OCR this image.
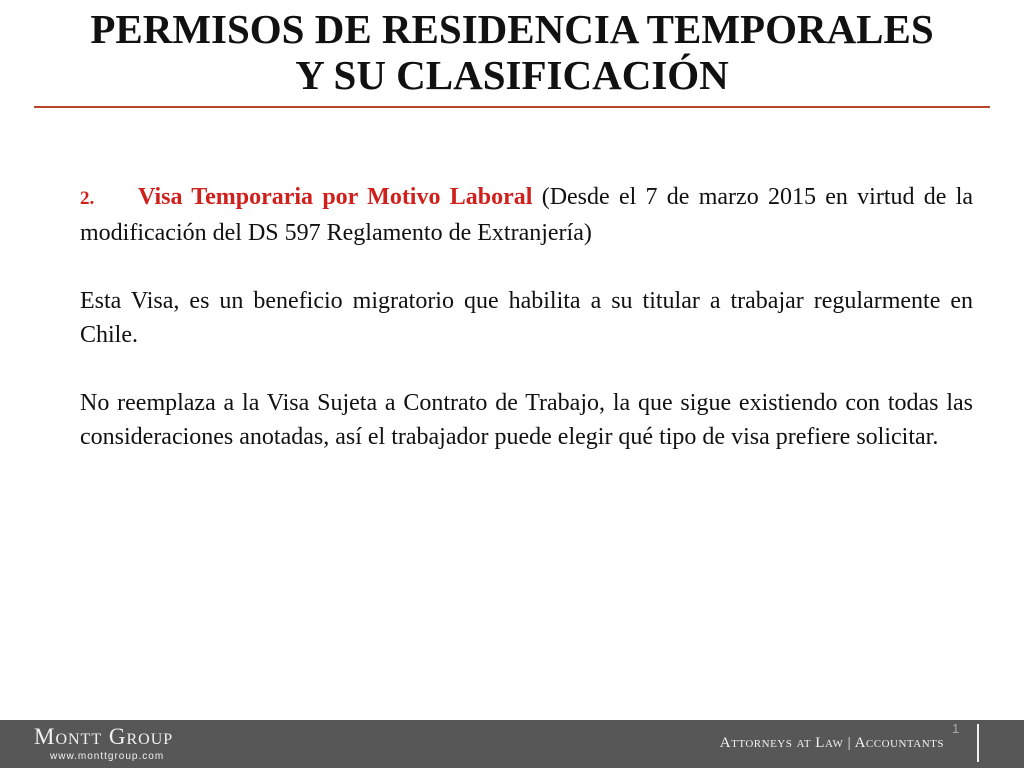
PERMISOS DE RESIDENCIA TEMPORALES
Y SU CLASIFICACIÓN

2. Visa Temporaria por Motivo Laboral (Desde el 7 de marzo 2015 en virtud de la modificación del DS 597 Reglamento de Extranjería)

Esta Visa, es un beneficio migratorio que habilita a su titular a trabajar regularmente en Chile.

No reemplaza a la Visa Sujeta a Contrato de Trabajo, la que sigue existiendo con todas las consideraciones anotadas, así el trabajador puede elegir qué tipo de visa prefiere solicitar.

Montt Group
www.monttgroup.com
1
Attorneys at Law | Accountants
